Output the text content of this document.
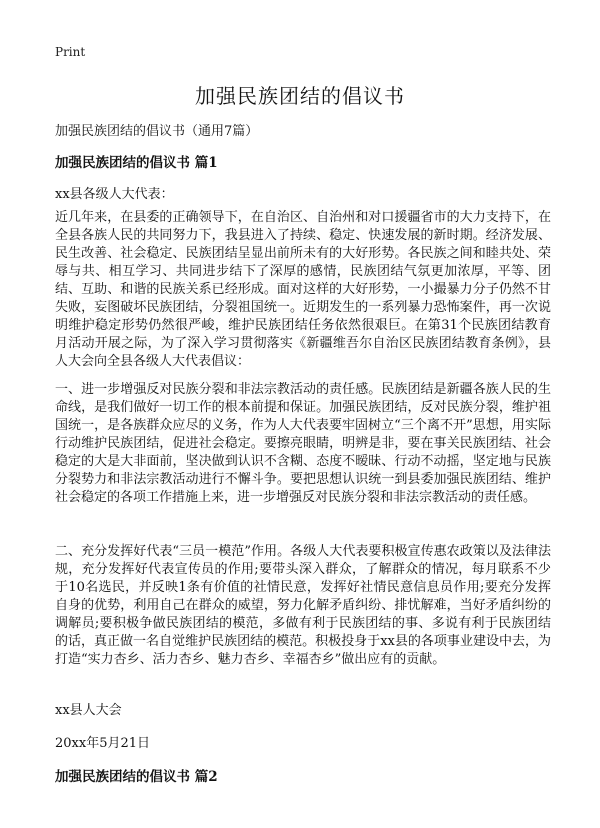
Print
加强民族团结的倡议书
加强民族团结的倡议书（通用7篇）
加强民族团结的倡议书 篇1
xx县各级人大代表：

近几年来，在县委的正确领导下，在自治区、自治州和对口援疆省市的大力支持下，在全县各族人民的共同努力下，我县进入了持续、稳定、快速发展的新时期。经济发展、民生改善、社会稳定、民族团结呈显出前所未有的大好形势。各民族之间和睦共处、荣辱与共、相互学习、共同进步结下了深厚的感情，民族团结气氛更加浓厚，平等、团结、互助、和谐的民族关系已经形成。面对这样的大好形势，一小撮暴力分子仍然不甘失败，妄图破坏民族团结，分裂祖国统一。近期发生的一系列暴力恐怖案件，再一次说明维护稳定形势仍然很严峻，维护民族团结任务依然很艰巨。在第31个民族团结教育月活动开展之际，为了深入学习贯彻落实《新疆维吾尔自治区民族团结教育条例》，县人大会向全县各级人大代表倡议：

一、进一步增强反对民族分裂和非法宗教活动的责任感。民族团结是新疆各族人民的生命线，是我们做好一切工作的根本前提和保证。加强民族团结，反对民族分裂，维护祖国统一，是各族群众应尽的义务，作为人大代表要牢固树立“三个离不开”思想，用实际行动维护民族团结，促进社会稳定。要擦亮眼睛，明辨是非，要在事关民族团结、社会稳定的大是大非面前，坚决做到认识不含糊、态度不暧昧、行动不动摇，坚定地与民族分裂势力和非法宗教活动进行不懈斗争。要把思想认识统一到县委加强民族团结、维护社会稳定的各项工作措施上来，进一步增强反对民族分裂和非法宗教活动的责任感。

二、充分发挥好代表“三员一模范”作用。各级人大代表要积极宣传惠农政策以及法律法规，充分发挥好代表宣传员的作用;要带头深入群众，了解群众的情况，每月联系不少于10名选民，并反映1条有价值的社情民意，发挥好社情民意信息员作用;要充分发挥自身的优势，利用自己在群众的威望，努力化解矛盾纠纷、排忧解难，当好矛盾纠纷的调解员;要积极争做民族团结的模范，多做有利于民族团结的事、多说有利于民族团结的话，真正做一名自觉维护民族团结的模范。积极投身于xx县的各项事业建设中去，为打造“实力杏乡、活力杏乡、魅力杏乡、幸福杏乡”做出应有的贡献。

xx县人大会
20xx年5月21日
加强民族团结的倡议书 篇2
